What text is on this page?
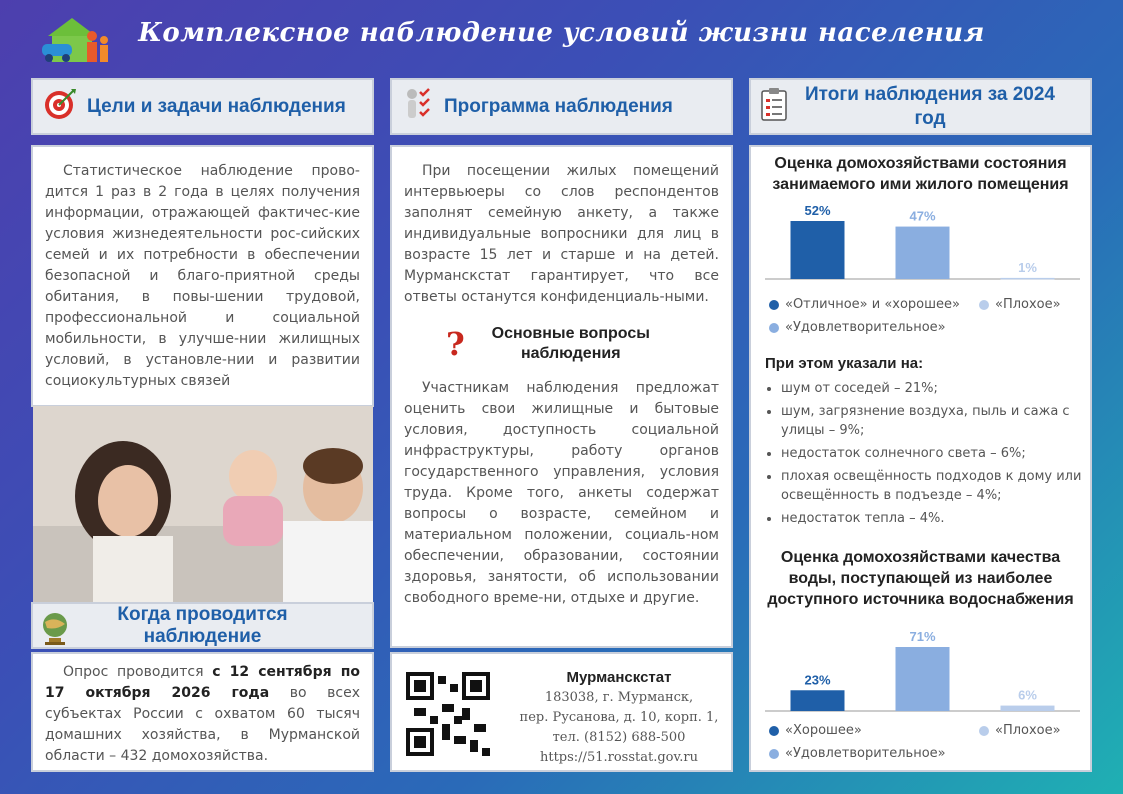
Комплексное наблюдение условий жизни населения
Цели и задачи наблюдения

Статистическое наблюдение прово-дится 1 раз в 2 года в целях получения информации, отражающей фактичес-кие условия жизнедеятельности рос-сийских семей и их потребности в обеспечении безопасной и благо-приятной среды обитания, в повы-шении трудовой, профессиональной и социальной мобильности, в улучше-нии жилищных условий, в установле-нии и развитии социокультурных связей

Когда проводится наблюдение

Опрос проводится с 12 сентября по 17 октября 2026 года во всех субъектах России с охватом 60 тысяч домашних хозяйства, в Мурманской области – 432 домохозяйства.

Программа наблюдения

При посещении жилых помещений интервьюеры со слов респондентов заполнят семейную анкету, а также индивидуальные вопросники для лиц в возрасте 15 лет и старше и на детей. Мурманскстат гарантирует, что все ответы останутся конфиденциаль-ными.

?	Основные вопросы наблюдения

Участникам наблюдения предложат оценить свои жилищные и бытовые условия, доступность социальной инфраструктуры, работу органов государственного управления, условия труда. Кроме того, анкеты содержат вопросы о возрасте, семейном и материальном положении, социаль-ном обеспечении, образовании, состоянии здоровья, занятости, об использовании свободного време-ни, отдыхе и другие.

Мурманскстат
183038, г. Мурманск,
пер. Русанова, д. 10, корп. 1,
тел. (8152) 688-500
https://51.rosstat.gov.ru
Итоги наблюдения за 2024 год
Оценка домохозяйствами состояния занимаемого ими жилого помещения
52%	47%
1%
«Отличное» и «хорошее»	«Плохое»
«Удовлетворительное»
При этом указали на:
• шум от соседей – 21%;
• шум, загрязнение воздуха, пыль и сажа с улицы – 9%;
• недостаток солнечного света – 6%;
• плохая освещённость подходов к дому или освещённость в подъезде – 4%;
• недостаток тепла – 4%.
Оценка домохозяйствами качества воды, поступающей из наиболее доступного источника водоснабжения
23%
71%
6%
«Хорошее»	«Плохое»
«Удовлетворительное»
